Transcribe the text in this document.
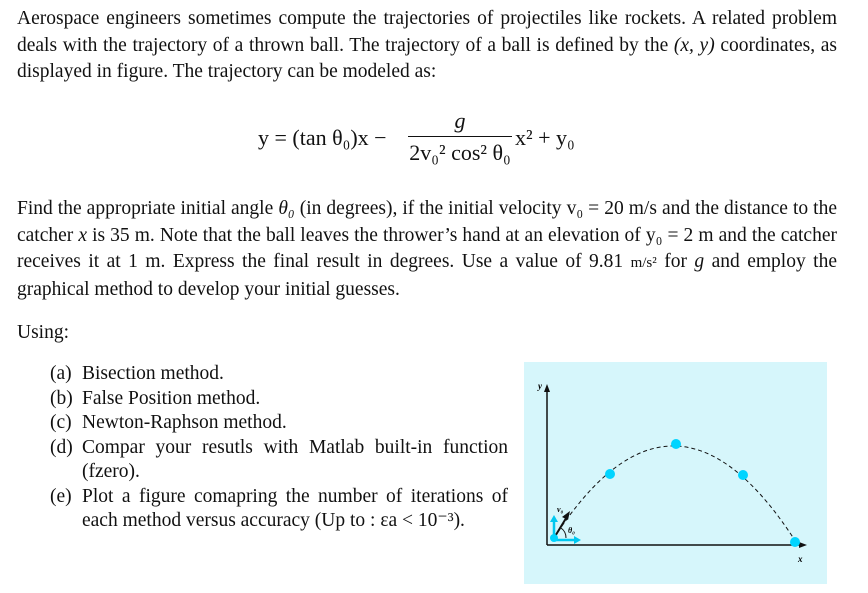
Aerospace engineers sometimes compute the trajectories of projectiles like rockets. A related problem deals with the trajectory of a thrown ball. The trajectory of a ball is defined by the (x, y) coordinates, as displayed in figure. The trajectory can be modeled as:

y = (tan θ₀)x −
g
2v₀² cos² θ₀
x² + y₀

Find the appropriate initial angle θ₀ (in degrees), if the initial velocity v₀ = 20 m/s and the distance to the catcher x is 35 m. Note that the ball leaves the thrower’s hand at an elevation of y₀ = 2 m and the catcher receives it at 1 m. Express the final result in degrees. Use a value of 9.81 m/s² for g and employ the graphical method to develop your initial guesses.

Using:

(a) Bisection method.
(b) False Position method.
(c) Newton-Raphson method.
(d) Compar your resutls with Matlab built-in function (fzero).
(e) Plot a figure comapring the number of iterations of each method versus accuracy (Up to : εa < 10⁻³).
y
x
v₀
θ₀
